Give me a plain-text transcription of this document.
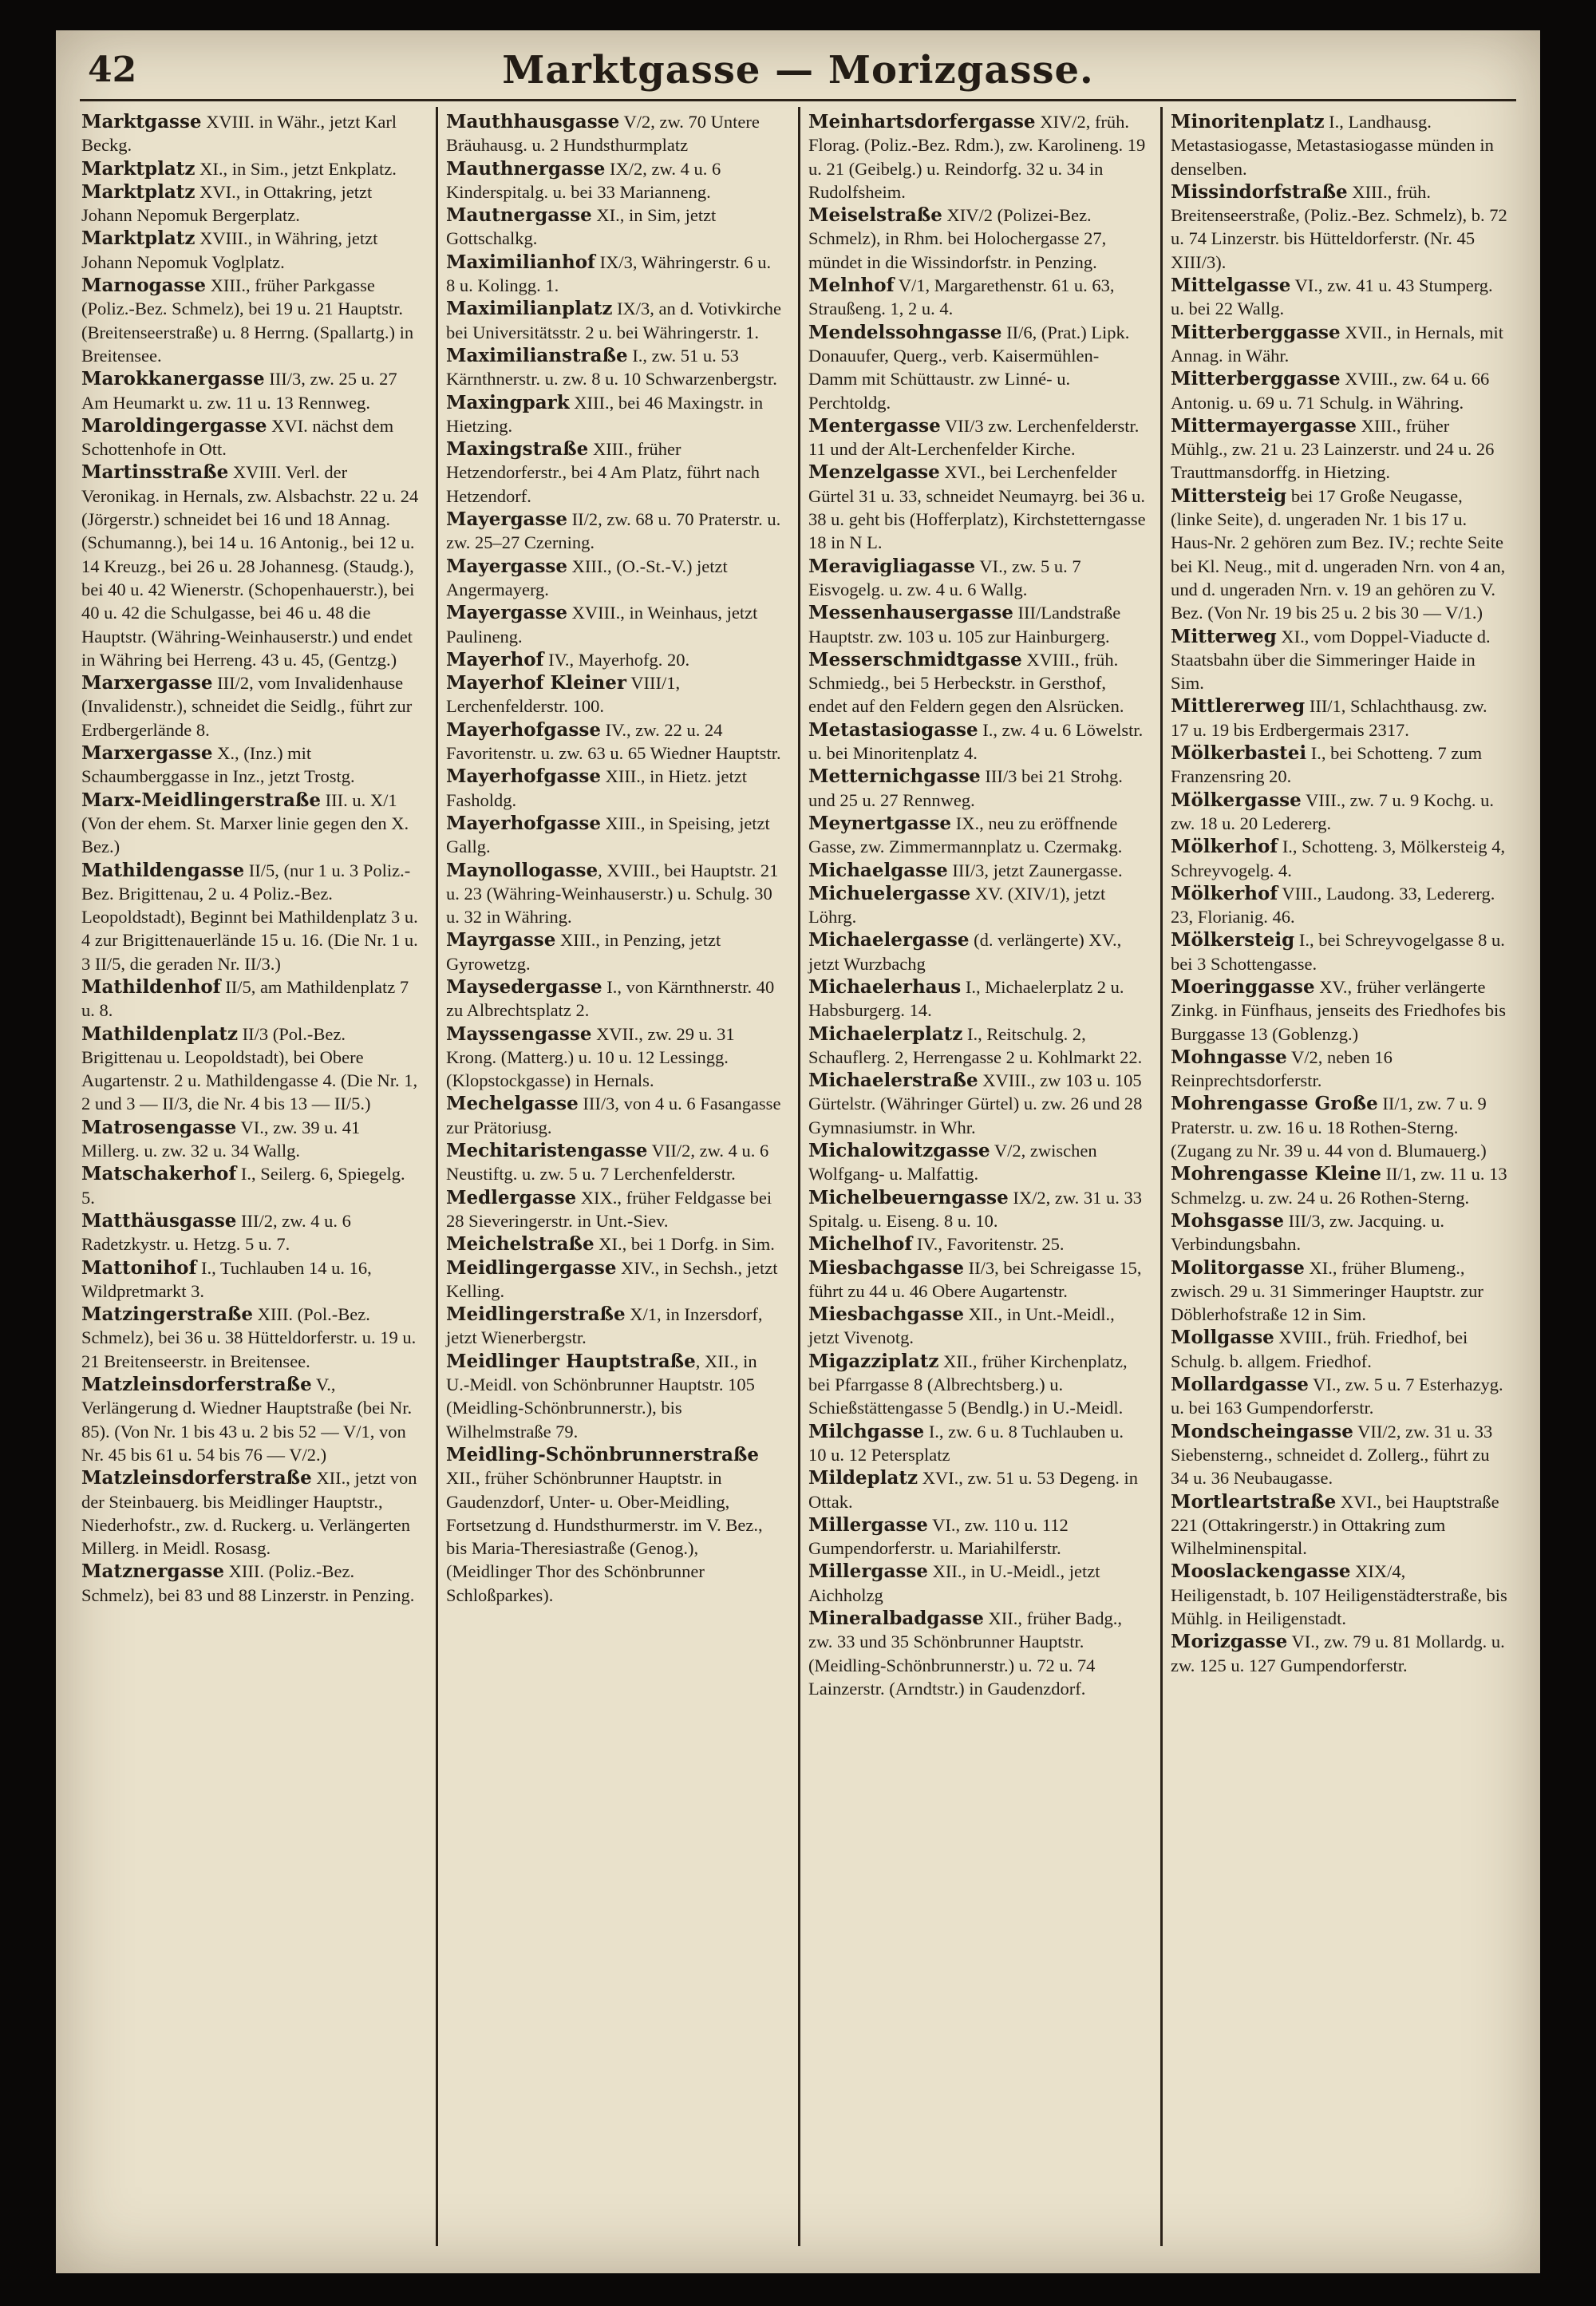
42	Marktgasse — Morizgasse.

Marktgasse XVIII. in Währ., jetzt Karl Beckg.

Marktplatz XI., in Sim., jetzt Enkplatz.

Marktplatz XVI., in Ottakring, jetzt Johann Nepomuk Bergerplatz.

Marktplatz XVIII., in Währing, jetzt Johann Nepomuk Voglplatz.

Marnogasse XIII., früher Parkgasse (Poliz.-Bez. Schmelz), bei 19 u. 21 Hauptstr. (Breitenseerstraße) u. 8 Herrng. (Spallartg.) in Breitensee.

Marokkanergasse III/3, zw. 25 u. 27 Am Heumarkt u. zw. 11 u. 13 Rennweg.

Maroldingergasse XVI. nächst dem Schottenhofe in Ott.

Martinsstraße XVIII. Verl. der Veronikag. in Hernals, zw. Alsbachstr. 22 u. 24 (Jörgerstr.) schneidet bei 16 und 18 Annag. (Schumanng.), bei 14 u. 16 Antonig., bei 12 u. 14 Kreuzg., bei 26 u. 28 Johannesg. (Staudg.), bei 40 u. 42 Wienerstr. (Schopenhauerstr.), bei 40 u. 42 die Schulgasse, bei 46 u. 48 die Hauptstr. (Währing-Weinhauserstr.) und endet in Währing bei Herreng. 43 u. 45, (Gentzg.)

Marxergasse III/2, vom Invalidenhause (Invalidenstr.), schneidet die Seidlg., führt zur Erdbergerlände 8.

Marxergasse X., (Inz.) mit Schaumberggasse in Inz., jetzt Trostg.

Marx-Meidlingerstraße III. u. X/1 (Von der ehem. St. Marxer linie gegen den X. Bez.)

Mathildengasse II/5, (nur 1 u. 3 Poliz.-Bez. Brigittenau, 2 u. 4 Poliz.-Bez. Leopoldstadt), Beginnt bei Mathildenplatz 3 u. 4 zur Brigittenauerlände 15 u. 16. (Die Nr. 1 u. 3 II/5, die geraden Nr. II/3.)

Mathildenhof II/5, am Mathildenplatz 7 u. 8.

Mathildenplatz II/3 (Pol.-Bez. Brigittenau u. Leopoldstadt), bei Obere Augartenstr. 2 u. Mathildengasse 4. (Die Nr. 1, 2 und 3 — II/3, die Nr. 4 bis 13 — II/5.)

Matrosengasse VI., zw. 39 u. 41 Millerg. u. zw. 32 u. 34 Wallg.

Matschakerhof I., Seilerg. 6, Spiegelg. 5.

Matthäusgasse III/2, zw. 4 u. 6 Radetzkystr. u. Hetzg. 5 u. 7.

Mattonihof I., Tuchlauben 14 u. 16, Wildpretmarkt 3.

Matzingerstraße XIII. (Pol.-Bez. Schmelz), bei 36 u. 38 Hütteldorferstr. u. 19 u. 21 Breitenseerstr. in Breitensee.

Matzleinsdorferstraße V., Verlängerung d. Wiedner Hauptstraße (bei Nr. 85). (Von Nr. 1 bis 43 u. 2 bis 52 — V/1, von Nr. 45 bis 61 u. 54 bis 76 — V/2.)

Matzleinsdorferstraße XII., jetzt von der Steinbauerg. bis Meidlinger Hauptstr., Niederhofstr., zw. d. Ruckerg. u. Verlängerten Millerg. in Meidl. Rosasg.

Matznergasse XIII. (Poliz.-Bez. Schmelz), bei 83 und 88 Linzerstr. in Penzing.

Mauthhausgasse V/2, zw. 70 Untere Bräuhausg. u. 2 Hundsthurmplatz

Mauthnergasse IX/2, zw. 4 u. 6 Kinderspitalg. u. bei 33 Marianneng.

Mautnergasse XI., in Sim, jetzt Gottschalkg.

Maximilianhof IX/3, Währingerstr. 6 u. 8 u. Kolingg. 1.

Maximilianplatz IX/3, an d. Votivkirche bei Universitätsstr. 2 u. bei Währingerstr. 1.

Maximilianstraße I., zw. 51 u. 53 Kärnthnerstr. u. zw. 8 u. 10 Schwarzenbergstr.

Maxingpark XIII., bei 46 Maxingstr. in Hietzing.

Maxingstraße XIII., früher Hetzendorferstr., bei 4 Am Platz, führt nach Hetzendorf.

Mayergasse II/2, zw. 68 u. 70 Praterstr. u. zw. 25–27 Czerning.

Mayergasse XIII., (O.-St.-V.) jetzt Angermayerg.

Mayergasse XVIII., in Weinhaus, jetzt Paulineng.

Mayerhof IV., Mayerhofg. 20.

Mayerhof Kleiner VIII/1, Lerchenfelderstr. 100.

Mayerhofgasse IV., zw. 22 u. 24 Favoritenstr. u. zw. 63 u. 65 Wiedner Hauptstr.

Mayerhofgasse XIII., in Hietz. jetzt Fasholdg.

Mayerhofgasse XIII., in Speising, jetzt Gallg.

Maynollogasse, XVIII., bei Hauptstr. 21 u. 23 (Währing-Weinhauserstr.) u. Schulg. 30 u. 32 in Währing.

Mayrgasse XIII., in Penzing, jetzt Gyrowetzg.

Maysedergasse I., von Kärnthnerstr. 40 zu Albrechtsplatz 2.

Mayssengasse XVII., zw. 29 u. 31 Krong. (Matterg.) u. 10 u. 12 Lessingg. (Klopstockgasse) in Hernals.

Mechelgasse III/3, von 4 u. 6 Fasangasse zur Prätoriusg.

Mechitaristengasse VII/2, zw. 4 u. 6 Neustiftg. u. zw. 5 u. 7 Lerchenfelderstr.

Medlergasse XIX., früher Feldgasse bei 28 Sieveringerstr. in Unt.-Siev.

Meichelstraße XI., bei 1 Dorfg. in Sim.

Meidlingergasse XIV., in Sechsh., jetzt Kelling.

Meidlingerstraße X/1, in Inzersdorf, jetzt Wienerbergstr.

Meidlinger Hauptstraße, XII., in U.-Meidl. von Schönbrunner Hauptstr. 105 (Meidling-Schönbrunnerstr.), bis Wilhelmstraße 79.

Meidling-Schönbrunnerstraße XII., früher Schönbrunner Hauptstr. in Gaudenzdorf, Unter- u. Ober-Meidling, Fortsetzung d. Hundsthurmerstr. im V. Bez., bis Maria-Theresiastraße (Genog.), (Meidlinger Thor des Schönbrunner Schloßparkes).

Meinhartsdorfergasse XIV/2, früh. Florag. (Poliz.-Bez. Rdm.), zw. Karolineng. 19 u. 21 (Geibelg.) u. Reindorfg. 32 u. 34 in Rudolfsheim.

Meiselstraße XIV/2 (Polizei-Bez. Schmelz), in Rhm. bei Holochergasse 27, mündet in die Wissindorfstr. in Penzing.

Melnhof V/1, Margarethenstr. 61 u. 63, Straußeng. 1, 2 u. 4.

Mendelssohngasse II/6, (Prat.) Lipk. Donauufer, Querg., verb. Kaisermühlen-Damm mit Schüttaustr. zw Linné- u. Perchtoldg.

Mentergasse VII/3 zw. Lerchenfelderstr. 11 und der Alt-Lerchenfelder Kirche.

Menzelgasse XVI., bei Lerchenfelder Gürtel 31 u. 33, schneidet Neumayrg. bei 36 u. 38 u. geht bis (Hofferplatz), Kirchstetterngasse 18 in N L.

Meravigliagasse VI., zw. 5 u. 7 Eisvogelg. u. zw. 4 u. 6 Wallg.

Messenhausergasse III/Landstraße Hauptstr. zw. 103 u. 105 zur Hainburgerg.

Messerschmidtgasse XVIII., früh. Schmiedg., bei 5 Herbeckstr. in Gersthof, endet auf den Feldern gegen den Alsrücken.

Metastasiogasse I., zw. 4 u. 6 Löwelstr. u. bei Minoritenplatz 4.

Metternichgasse III/3 bei 21 Strohg. und 25 u. 27 Rennweg.

Meynertgasse IX., neu zu eröffnende Gasse, zw. Zimmermannplatz u. Czermakg.

Michaelgasse III/3, jetzt Zaunergasse.

Michuelergasse XV. (XIV/1), jetzt Löhrg.

Michaelergasse (d. verlängerte) XV., jetzt Wurzbachg

Michaelerhaus I., Michaelerplatz 2 u. Habsburgerg. 14.

Michaelerplatz I., Reitschulg. 2, Schauflerg. 2, Herrengasse 2 u. Kohlmarkt 22.

Michaelerstraße XVIII., zw 103 u. 105 Gürtelstr. (Währinger Gürtel) u. zw. 26 und 28 Gymnasiumstr. in Whr.

Michalowitzgasse V/2, zwischen Wolfgang- u. Malfattig.

Michelbeuerngasse IX/2, zw. 31 u. 33 Spitalg. u. Eiseng. 8 u. 10.

Michelhof IV., Favoritenstr. 25.

Miesbachgasse II/3, bei Schreigasse 15, führt zu 44 u. 46 Obere Augartenstr.

Miesbachgasse XII., in Unt.-Meidl., jetzt Vivenotg.

Migazziplatz XII., früher Kirchenplatz, bei Pfarrgasse 8 (Albrechtsberg.) u. Schießstättengasse 5 (Bendlg.) in U.-Meidl.

Milchgasse I., zw. 6 u. 8 Tuchlauben u. 10 u. 12 Petersplatz

Mildeplatz XVI., zw. 51 u. 53 Degeng. in Ottak.

Millergasse VI., zw. 110 u. 112 Gumpendorferstr. u. Mariahilferstr.

Millergasse XII., in U.-Meidl., jetzt Aichholzg

Mineralbadgasse XII., früher Badg., zw. 33 und 35 Schönbrunner Hauptstr. (Meidling-Schönbrunnerstr.) u. 72 u. 74 Lainzerstr. (Arndtstr.) in Gaudenzdorf.

Minoritenplatz I., Landhausg. Metastasiogasse, Metastasiogasse münden in denselben.

Missindorfstraße XIII., früh. Breitenseerstraße, (Poliz.-Bez. Schmelz), b. 72 u. 74 Linzerstr. bis Hütteldorferstr. (Nr. 45 XIII/3).

Mittelgasse VI., zw. 41 u. 43 Stumperg. u. bei 22 Wallg.

Mitterberggasse XVII., in Hernals, mit Annag. in Währ.

Mitterberggasse XVIII., zw. 64 u. 66 Antonig. u. 69 u. 71 Schulg. in Währing.

Mittermayergasse XIII., früher Mühlg., zw. 21 u. 23 Lainzerstr. und 24 u. 26 Trauttmansdorffg. in Hietzing.

Mittersteig bei 17 Große Neugasse, (linke Seite), d. ungeraden Nr. 1 bis 17 u. Haus-Nr. 2 gehören zum Bez. IV.; rechte Seite bei Kl. Neug., mit d. ungeraden Nrn. von 4 an, und d. ungeraden Nrn. v. 19 an gehören zu V. Bez. (Von Nr. 19 bis 25 u. 2 bis 30 — V/1.)

Mitterweg XI., vom Doppel-Viaducte d. Staatsbahn über die Simmeringer Haide in Sim.

Mittlererweg III/1, Schlachthausg. zw. 17 u. 19 bis Erdbergermais 2317.

Mölkerbastei I., bei Schotteng. 7 zum Franzensring 20.

Mölkergasse VIII., zw. 7 u. 9 Kochg. u. zw. 18 u. 20 Ledererg.

Mölkerhof I., Schotteng. 3, Mölkersteig 4, Schreyvogelg. 4.

Mölkerhof VIII., Laudong. 33, Ledererg. 23, Florianig. 46.

Mölkersteig I., bei Schreyvogelgasse 8 u. bei 3 Schottengasse.

Moeringgasse XV., früher verlängerte Zinkg. in Fünfhaus, jenseits des Friedhofes bis Burggasse 13 (Goblenzg.)

Mohngasse V/2, neben 16 Reinprechtsdorferstr.

Mohrengasse Große II/1, zw. 7 u. 9 Praterstr. u. zw. 16 u. 18 Rothen-Sterng. (Zugang zu Nr. 39 u. 44 von d. Blumauerg.)

Mohrengasse Kleine II/1, zw. 11 u. 13 Schmelzg. u. zw. 24 u. 26 Rothen-Sterng.

Mohsgasse III/3, zw. Jacquing. u. Verbindungsbahn.

Molitorgasse XI., früher Blumeng., zwisch. 29 u. 31 Simmeringer Hauptstr. zur Döblerhofstraße 12 in Sim.

Mollgasse XVIII., früh. Friedhof, bei Schulg. b. allgem. Friedhof.

Mollardgasse VI., zw. 5 u. 7 Esterhazyg. u. bei 163 Gumpendorferstr.

Mondscheingasse VII/2, zw. 31 u. 33 Siebensterng., schneidet d. Zollerg., führt zu 34 u. 36 Neubaugasse.

Mortleartstraße XVI., bei Hauptstraße 221 (Ottakringerstr.) in Ottakring zum Wilhelminenspital.

Mooslackengasse XIX/4, Heiligenstadt, b. 107 Heiligenstädterstraße, bis Mühlg. in Heiligenstadt.

Morizgasse VI., zw. 79 u. 81 Mollardg. u. zw. 125 u. 127 Gumpendorferstr.
